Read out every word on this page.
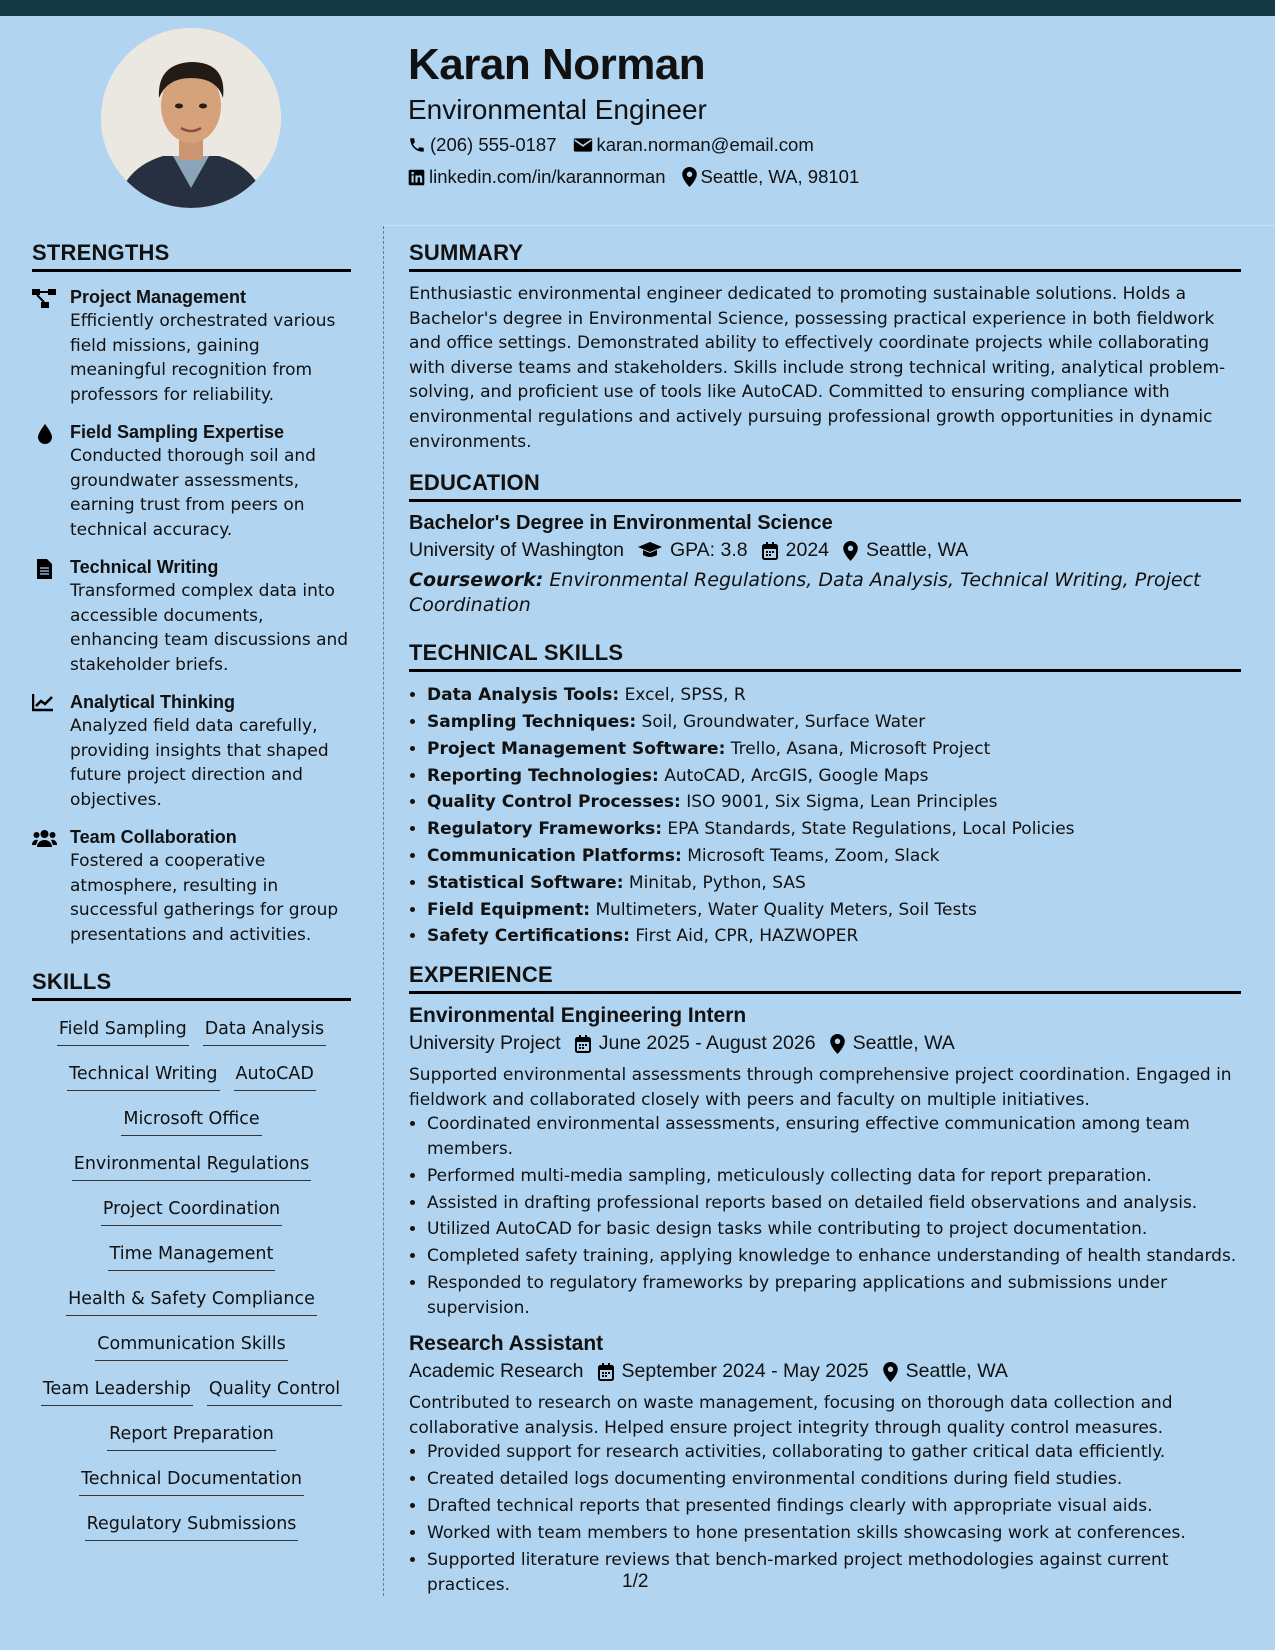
Karan Norman
Environmental Engineer
(206) 555-0187 karan.norman@email.com
linkedin.com/in/karannorman Seattle, WA, 98101
STRENGTHS
Project Management
Efficiently orchestrated various field missions, gaining meaningful recognition from professors for reliability.
Field Sampling Expertise
Conducted thorough soil and groundwater assessments, earning trust from peers on technical accuracy.
Technical Writing
Transformed complex data into accessible documents, enhancing team discussions and stakeholder briefs.
Analytical Thinking
Analyzed field data carefully, providing insights that shaped future project direction and objectives.
Team Collaboration
Fostered a cooperative atmosphere, resulting in successful gatherings for group presentations and activities.
SKILLS
Field Sampling Data Analysis
Technical Writing AutoCAD
Microsoft Office
Environmental Regulations
Project Coordination
Time Management
Health & Safety Compliance
Communication Skills
Team Leadership Quality Control
Report Preparation
Technical Documentation
Regulatory Submissions
SUMMARY

Enthusiastic environmental engineer dedicated to promoting sustainable solutions. Holds a Bachelor's degree in Environmental Science, possessing practical experience in both fieldwork and office settings. Demonstrated ability to effectively coordinate projects while collaborating with diverse teams and stakeholders. Skills include strong technical writing, analytical problem-solving, and proficient use of tools like AutoCAD. Committed to ensuring compliance with environmental regulations and actively pursuing professional growth opportunities in dynamic environments.

EDUCATION
Bachelor's Degree in Environmental Science
University of Washington GPA: 3.8 2024 Seattle, WA
Coursework: Environmental Regulations, Data Analysis, Technical Writing, Project Coordination
TECHNICAL SKILLS
• Data Analysis Tools: Excel, SPSS, R
• Sampling Techniques: Soil, Groundwater, Surface Water
• Project Management Software: Trello, Asana, Microsoft Project
• Reporting Technologies: AutoCAD, ArcGIS, Google Maps
• Quality Control Processes: ISO 9001, Six Sigma, Lean Principles
• Regulatory Frameworks: EPA Standards, State Regulations, Local Policies
• Communication Platforms: Microsoft Teams, Zoom, Slack
• Statistical Software: Minitab, Python, SAS
• Field Equipment: Multimeters, Water Quality Meters, Soil Tests
• Safety Certifications: First Aid, CPR, HAZWOPER
EXPERIENCE
Environmental Engineering Intern
University Project June 2025 - August 2026 Seattle, WA

Supported environmental assessments through comprehensive project coordination. Engaged in fieldwork and collaborated closely with peers and faculty on multiple initiatives.

• Coordinated environmental assessments, ensuring effective communication among team members.
• Performed multi-media sampling, meticulously collecting data for report preparation.
• Assisted in drafting professional reports based on detailed field observations and analysis.
• Utilized AutoCAD for basic design tasks while contributing to project documentation.
• Completed safety training, applying knowledge to enhance understanding of health standards.
• Responded to regulatory frameworks by preparing applications and submissions under supervision.
Research Assistant
Academic Research September 2024 - May 2025 Seattle, WA

Contributed to research on waste management, focusing on thorough data collection and collaborative analysis. Helped ensure project integrity through quality control measures.

• Provided support for research activities, collaborating to gather critical data efficiently.
• Created detailed logs documenting environmental conditions during field studies.
• Drafted technical reports that presented findings clearly with appropriate visual aids.
• Worked with team members to hone presentation skills showcasing work at conferences.
• Supported literature reviews that bench-marked project methodologies against current practices.	1/2
